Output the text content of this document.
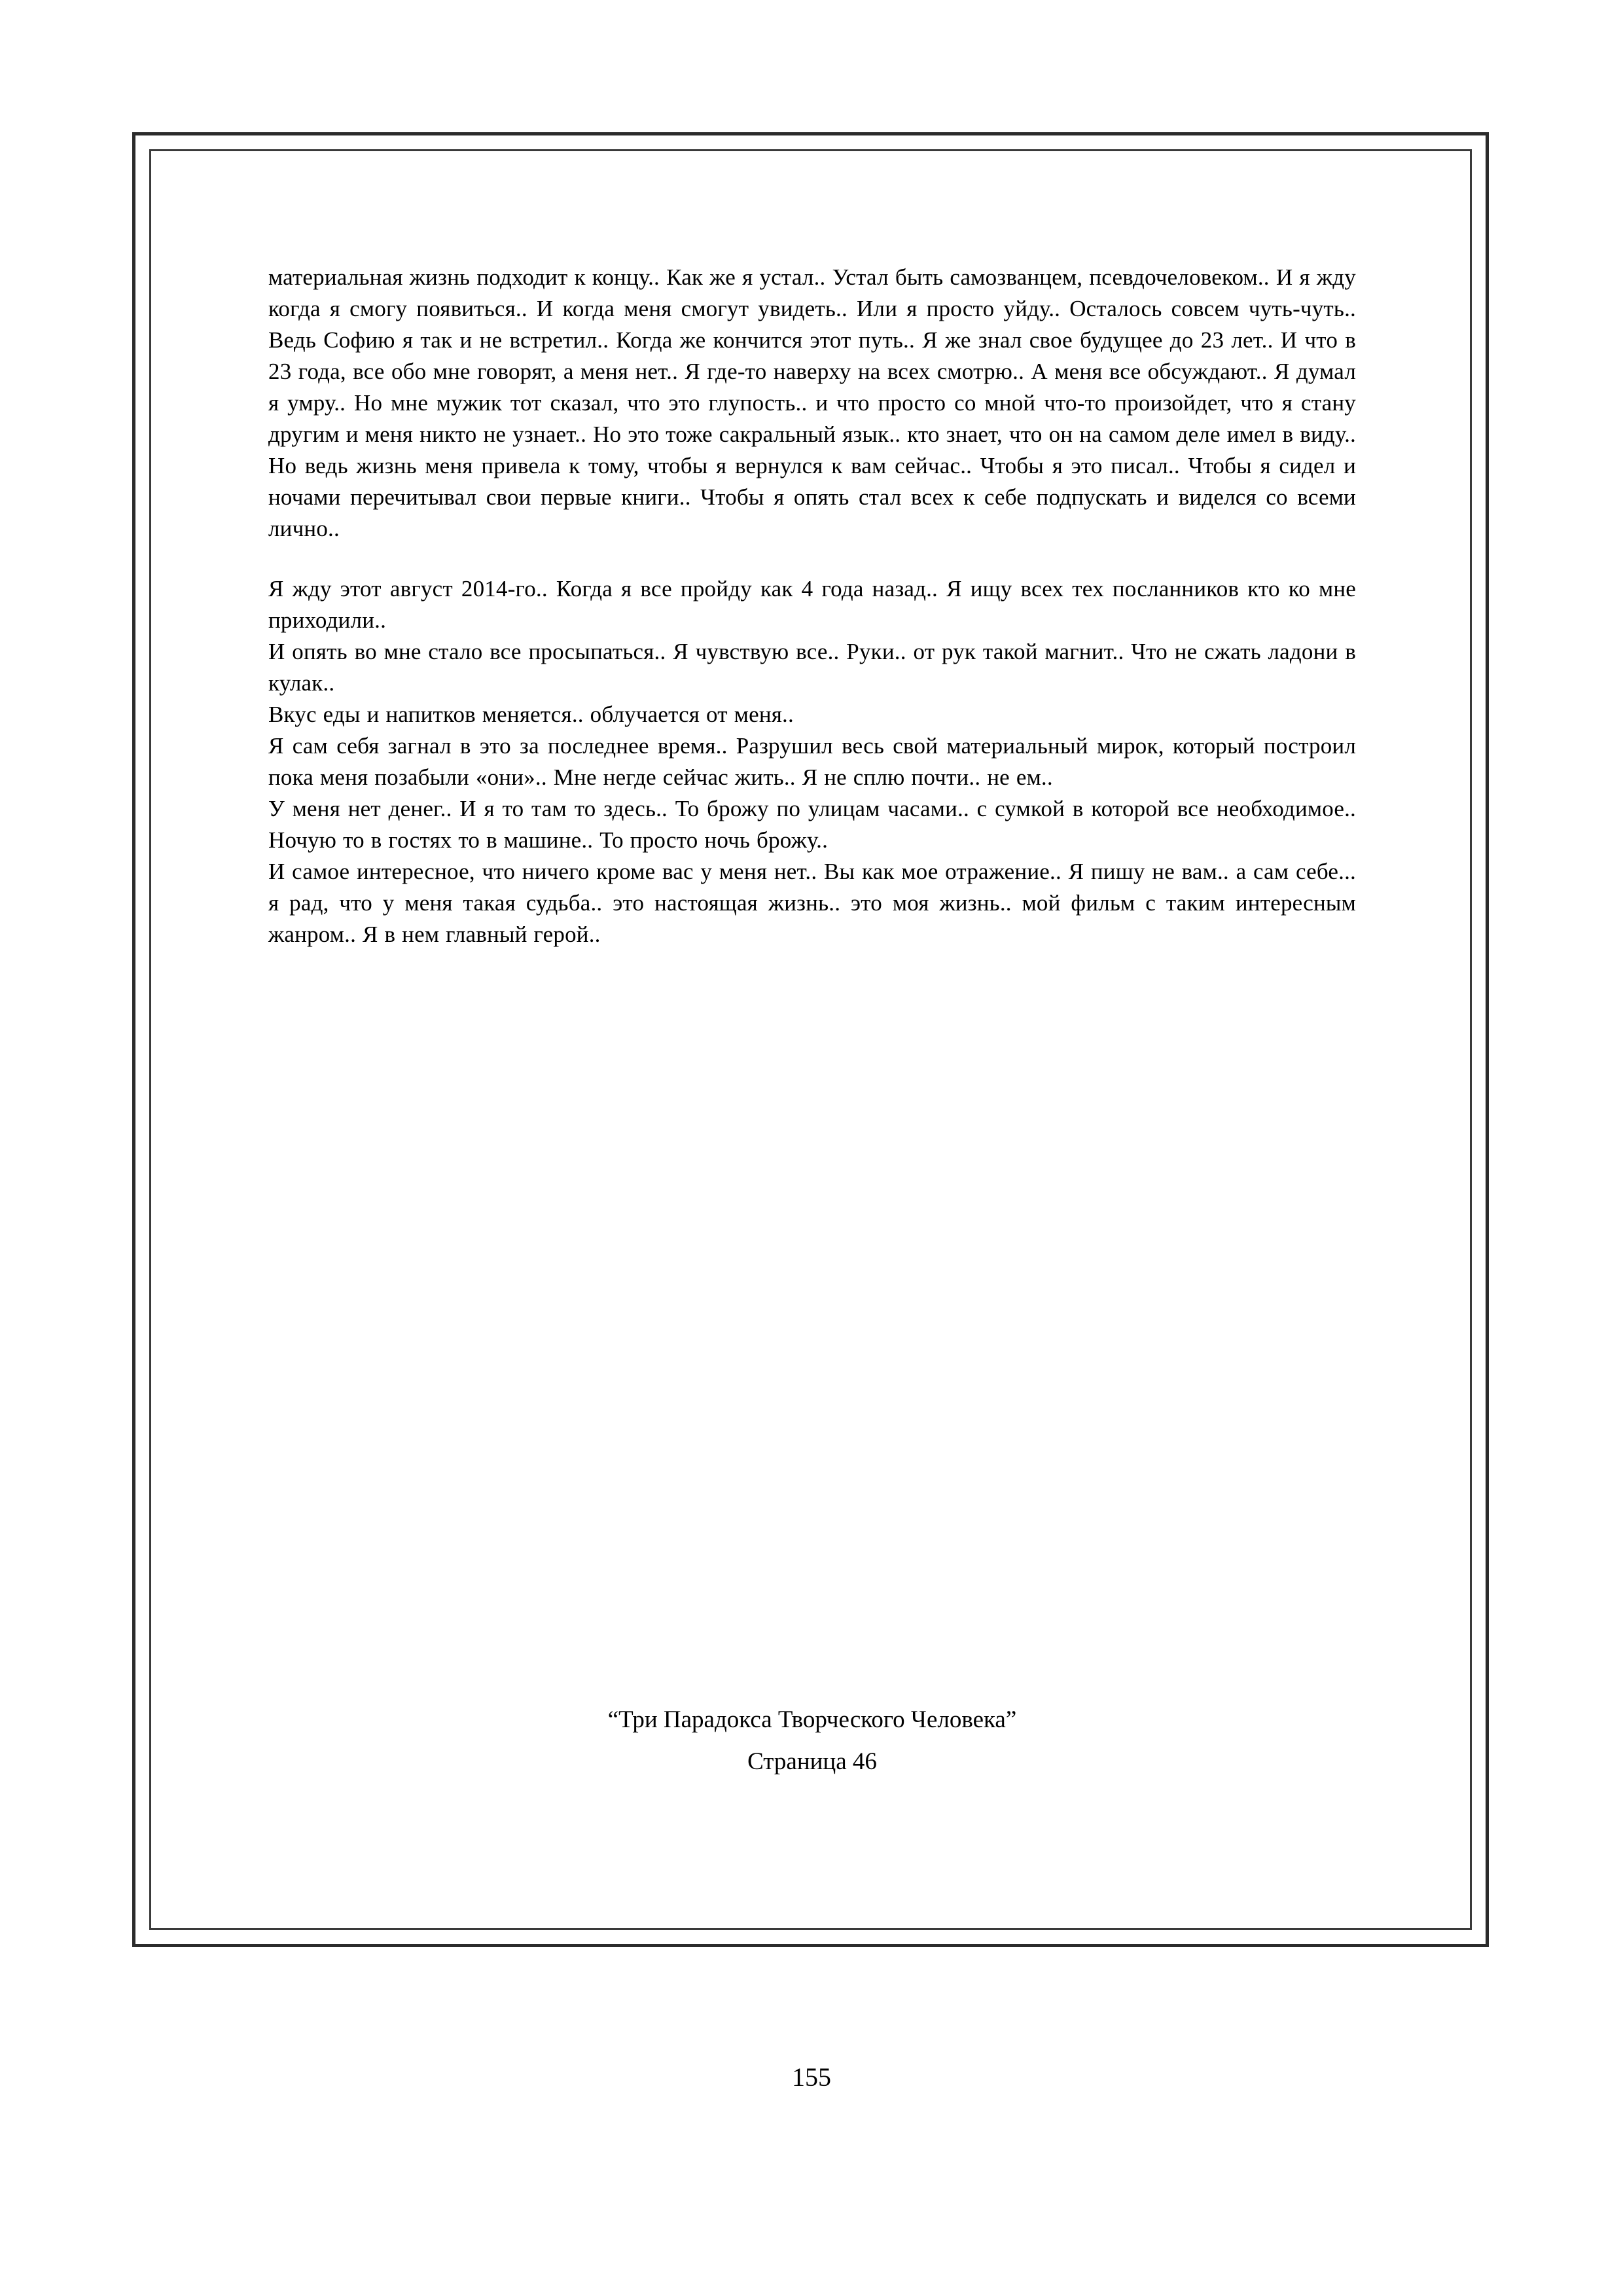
материальная жизнь подходит к концу.. Как же я устал.. Устал быть самозванцем, псевдочеловеком.. И я жду когда я смогу появиться.. И когда меня смогут увидеть.. Или я просто уйду.. Осталось совсем чуть-чуть.. Ведь Софию я так и не встретил.. Когда же кончится этот путь.. Я же знал свое будущее до 23 лет.. И что в 23 года, все обо мне говорят, а меня нет.. Я где-то наверху на всех смотрю.. А меня все обсуждают.. Я думал я умру.. Но мне мужик тот сказал, что это глупость.. и что просто со мной что-то произойдет, что я стану другим и меня никто не узнает.. Но это тоже сакральный язык.. кто знает, что он на самом деле имел в виду.. Но ведь жизнь меня привела к тому, чтобы я вернулся к вам сейчас.. Чтобы я это писал.. Чтобы я сидел и ночами перечитывал свои первые книги.. Чтобы я опять стал всех к себе подпускать и виделся со всеми лично..

Я жду этот август 2014-го.. Когда я все пройду как 4 года назад.. Я ищу всех тех посланников кто ко мне приходили..

И опять во мне стало все просыпаться.. Я чувствую все.. Руки.. от рук такой магнит.. Что не сжать ладони в кулак..

Вкус еды и напитков меняется.. облучается от меня..

Я сам себя загнал в это за последнее время.. Разрушил весь свой материальный мирок, который построил пока меня позабыли «они».. Мне негде сейчас жить.. Я не сплю почти.. не ем..

У меня нет денег.. И я то там то здесь.. То брожу по улицам часами.. с сумкой в которой все необходимое.. Ночую то в гостях то в машине.. То просто ночь брожу..

И самое интересное, что ничего кроме вас у меня нет.. Вы как мое отражение.. Я пишу не вам.. а сам себе... я рад, что у меня такая судьба.. это настоящая жизнь.. это моя жизнь.. мой фильм с таким интересным жанром.. Я в нем главный герой..

“Три Парадокса Творческого Человека”
Страница 46
155
